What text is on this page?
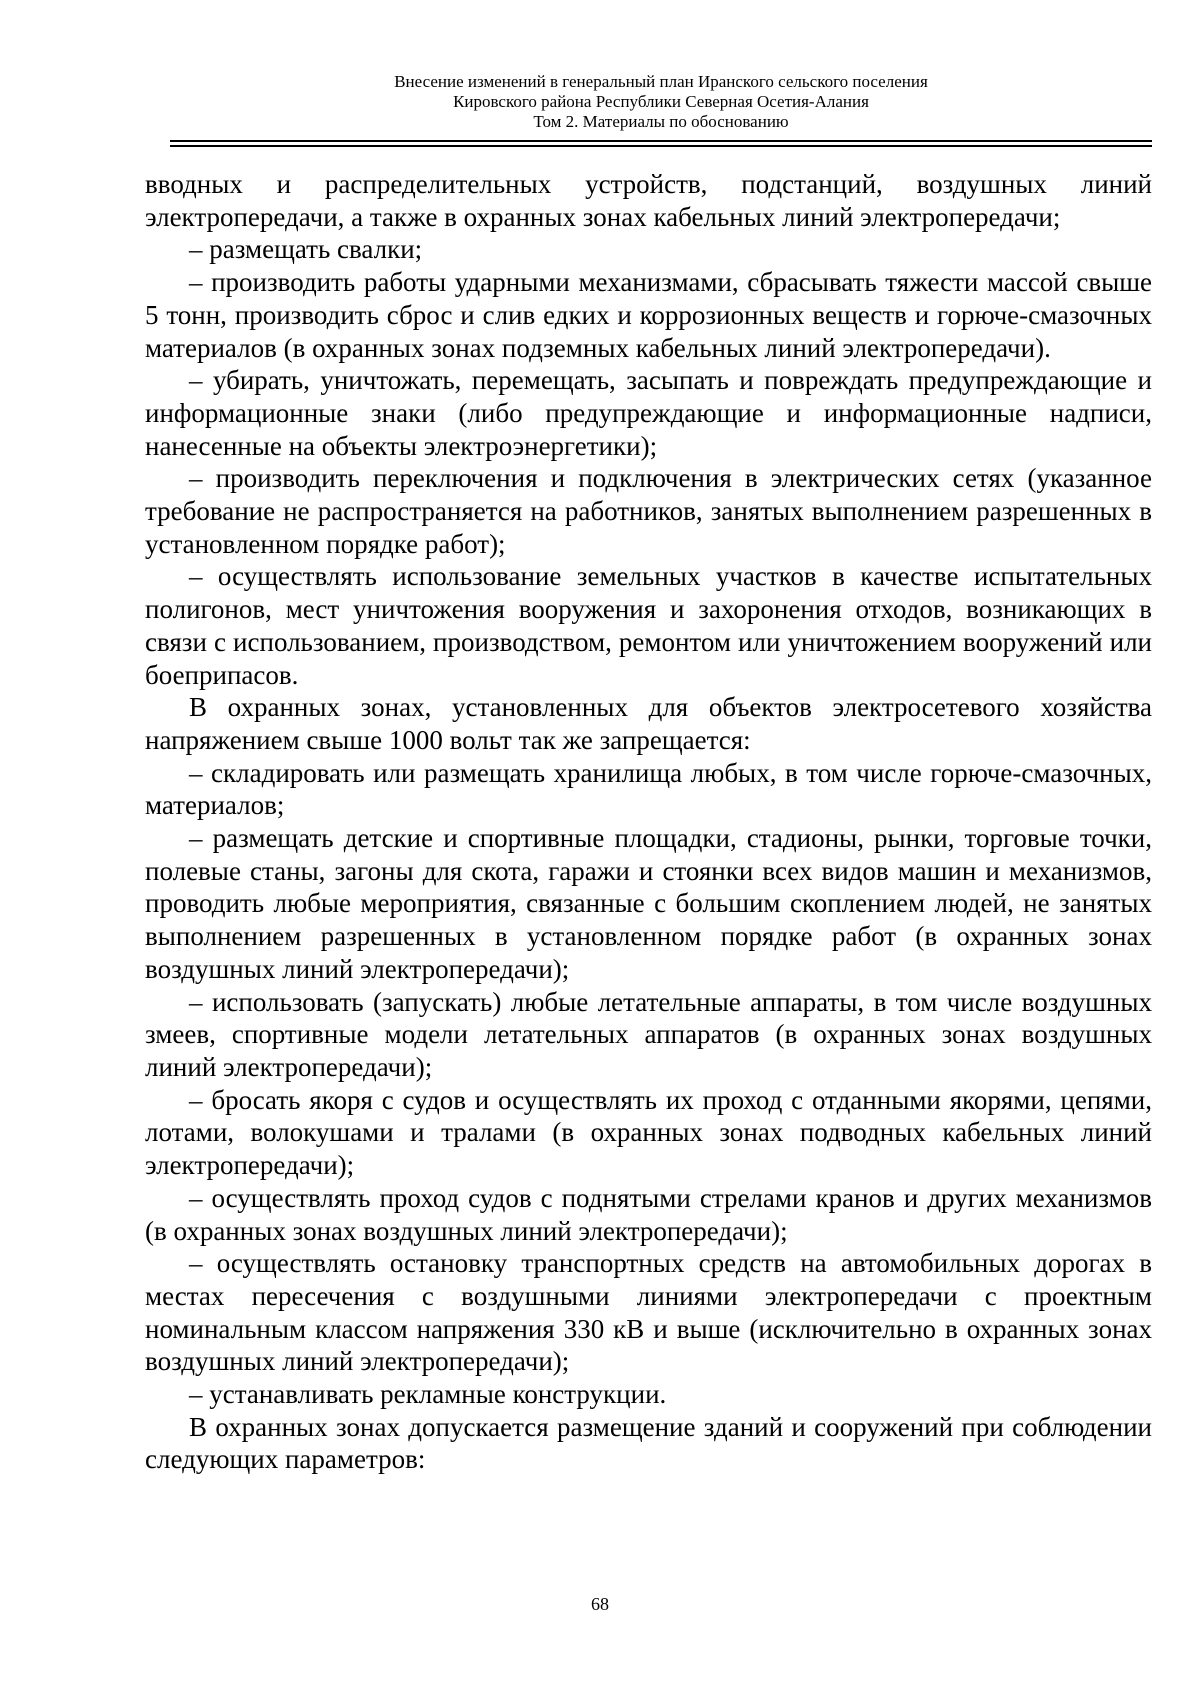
Внесение изменений в генеральный план Иранского сельского поселения
Кировского района Республики Северная Осетия-Алания
Том 2. Материалы по обоснованию

вводных и распределительных устройств, подстанций, воздушных линий электропередачи, а также в охранных зонах кабельных линий электропередачи;

– размещать свалки;

– производить работы ударными механизмами, сбрасывать тяжести массой свыше 5 тонн, производить сброс и слив едких и коррозионных веществ и горюче-смазочных материалов (в охранных зонах подземных кабельных линий электропередачи).

– убирать, уничтожать, перемещать, засыпать и повреждать предупреждающие и информационные знаки (либо предупреждающие и информационные надписи, нанесенные на объекты электроэнергетики);

– производить переключения и подключения в электрических сетях (указанное требование не распространяется на работников, занятых выполнением разрешенных в установленном порядке работ);

– осуществлять использование земельных участков в качестве испытательных полигонов, мест уничтожения вооружения и захоронения отходов, возникающих в связи с использованием, производством, ремонтом или уничтожением вооружений или боеприпасов.

В охранных зонах, установленных для объектов электросетевого хозяйства напряжением свыше 1000 вольт так же запрещается:

– складировать или размещать хранилища любых, в том числе горюче-смазочных, материалов;

– размещать детские и спортивные площадки, стадионы, рынки, торговые точки, полевые станы, загоны для скота, гаражи и стоянки всех видов машин и механизмов, проводить любые мероприятия, связанные с большим скоплением людей, не занятых выполнением разрешенных в установленном порядке работ (в охранных зонах воздушных линий электропередачи);

– использовать (запускать) любые летательные аппараты, в том числе воздушных змеев, спортивные модели летательных аппаратов (в охранных зонах воздушных линий электропередачи);

– бросать якоря с судов и осуществлять их проход с отданными якорями, цепями, лотами, волокушами и тралами (в охранных зонах подводных кабельных линий электропередачи);

– осуществлять проход судов с поднятыми стрелами кранов и других механизмов (в охранных зонах воздушных линий электропередачи);

– осуществлять остановку транспортных средств на автомобильных дорогах в местах пересечения с воздушными линиями электропередачи с проектным номинальным классом напряжения 330 кВ и выше (исключительно в охранных зонах воздушных линий электропередачи);

– устанавливать рекламные конструкции.

В охранных зонах допускается размещение зданий и сооружений при соблюдении следующих параметров:

68
